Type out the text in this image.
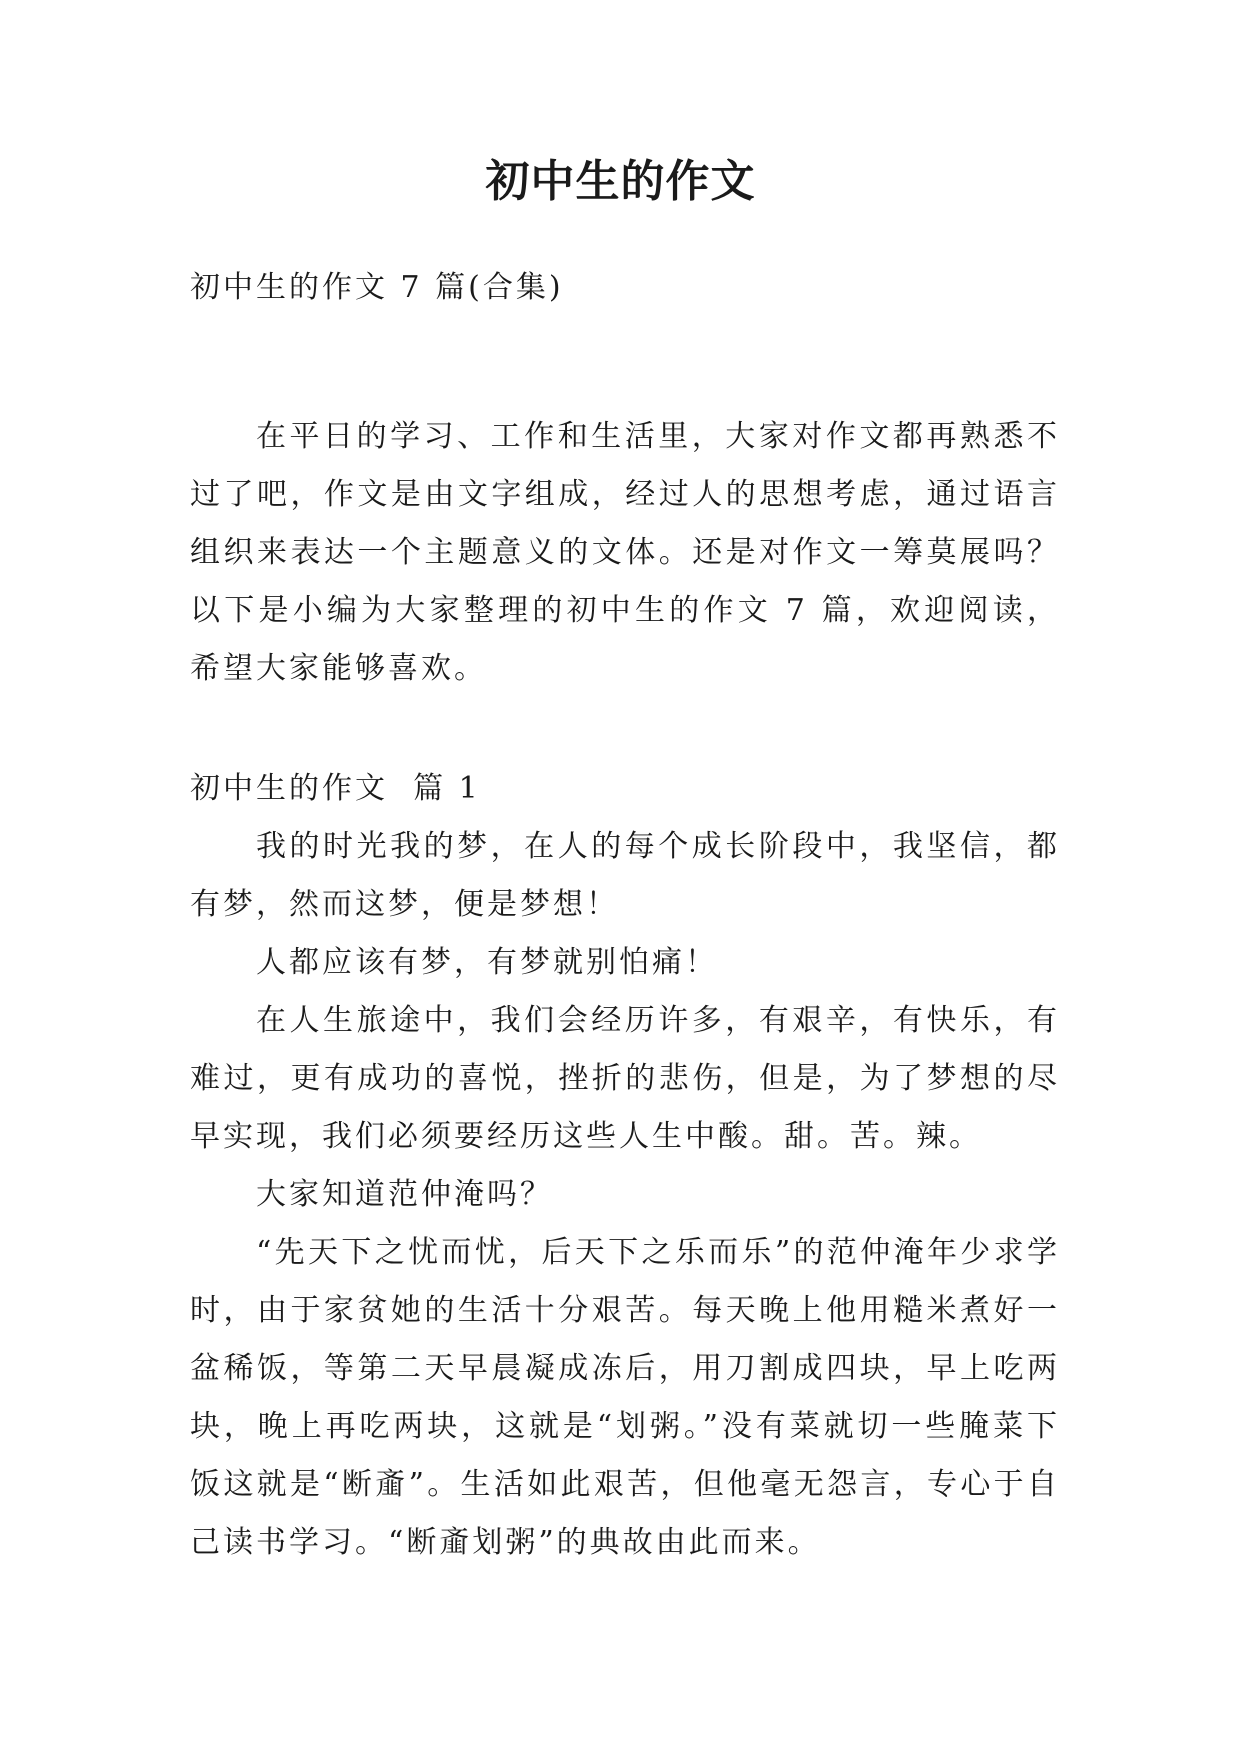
初中生的作文

初中生的作文 7 篇(合集)

在平日的学习、工作和生活里，大家对作文都再熟悉不过了吧，作文是由文字组成，经过人的思想考虑，通过语言组织来表达一个主题意义的文体。还是对作文一筹莫展吗？以下是小编为大家整理的初中生的作文 7 篇，欢迎阅读，希望大家能够喜欢。

初中生的作文  篇 1

我的时光我的梦，在人的每个成长阶段中，我坚信，都有梦，然而这梦，便是梦想！

人都应该有梦，有梦就别怕痛！

在人生旅途中，我们会经历许多，有艰辛，有快乐，有难过，更有成功的喜悦，挫折的悲伤，但是，为了梦想的尽早实现，我们必须要经历这些人生中酸。甜。苦。辣。

大家知道范仲淹吗？

“先天下之忧而忧，后天下之乐而乐”的范仲淹年少求学时，由于家贫她的生活十分艰苦。每天晚上他用糙米煮好一盆稀饭，等第二天早晨凝成冻后，用刀割成四块，早上吃两块，晚上再吃两块，这就是“划粥。”没有菜就切一些腌菜下饭这就是“断齑”。生活如此艰苦，但他毫无怨言，专心于自己读书学习。“断齑划粥”的典故由此而来。
